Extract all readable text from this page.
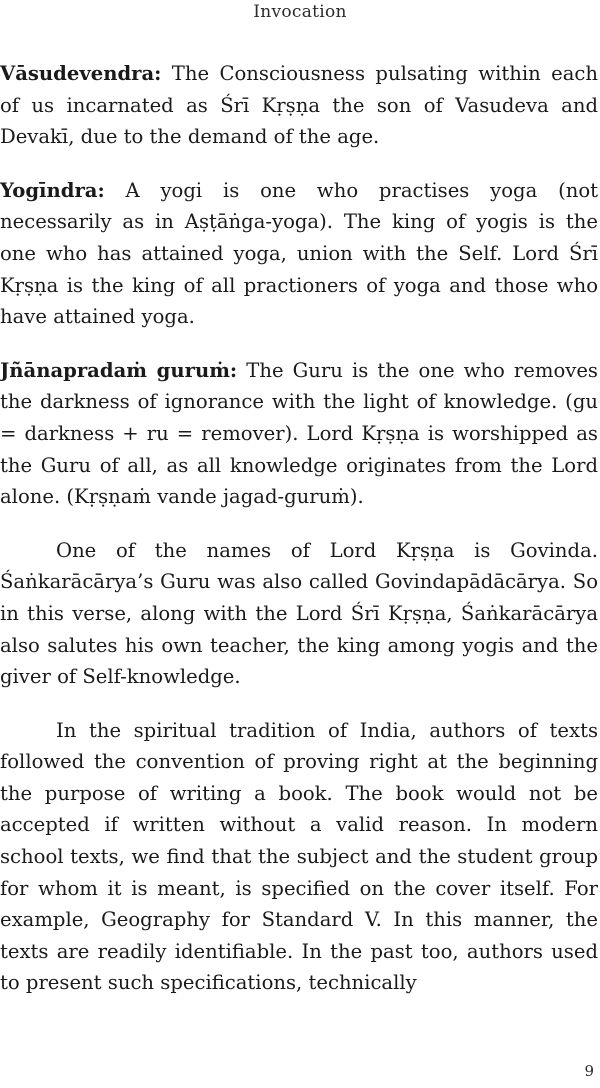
Invocation

Vāsudevendra: The Consciousness pulsating within each of us incarnated as Śrī Kṛṣṇa the son of Vasudeva and Devakī, due to the demand of the age.

Yogīndra: A yogi is one who practises yoga (not necessarily as in Aṣṭāṅga-yoga). The king of yogis is the one who has attained yoga, union with the Self. Lord Śrī Kṛṣṇa is the king of all practioners of yoga and those who have attained yoga.

Jñānapradaṁ guruṁ: The Guru is the one who removes the darkness of ignorance with the light of knowledge. (gu = darkness + ru = remover). Lord Kṛṣṇa is worshipped as the Guru of all, as all knowledge originates from the Lord alone. (Kṛṣṇaṁ vande jagad-guruṁ).

One of the names of Lord Kṛṣṇa is Govinda. Śaṅkarācārya’s Guru was also called Govindapādācārya. So in this verse, along with the Lord Śrī Kṛṣṇa, Śaṅkarācārya also salutes his own teacher, the king among yogis and the giver of Self-knowledge.

In the spiritual tradition of India, authors of texts followed the convention of proving right at the beginning the purpose of writing a book. The book would not be accepted if written without a valid reason. In modern school texts, we find that the subject and the student group for whom it is meant, is specified on the cover itself. For example, Geography for Standard V. In this manner, the texts are readily identifiable. In the past too, authors used to present such specifications, technically

9
